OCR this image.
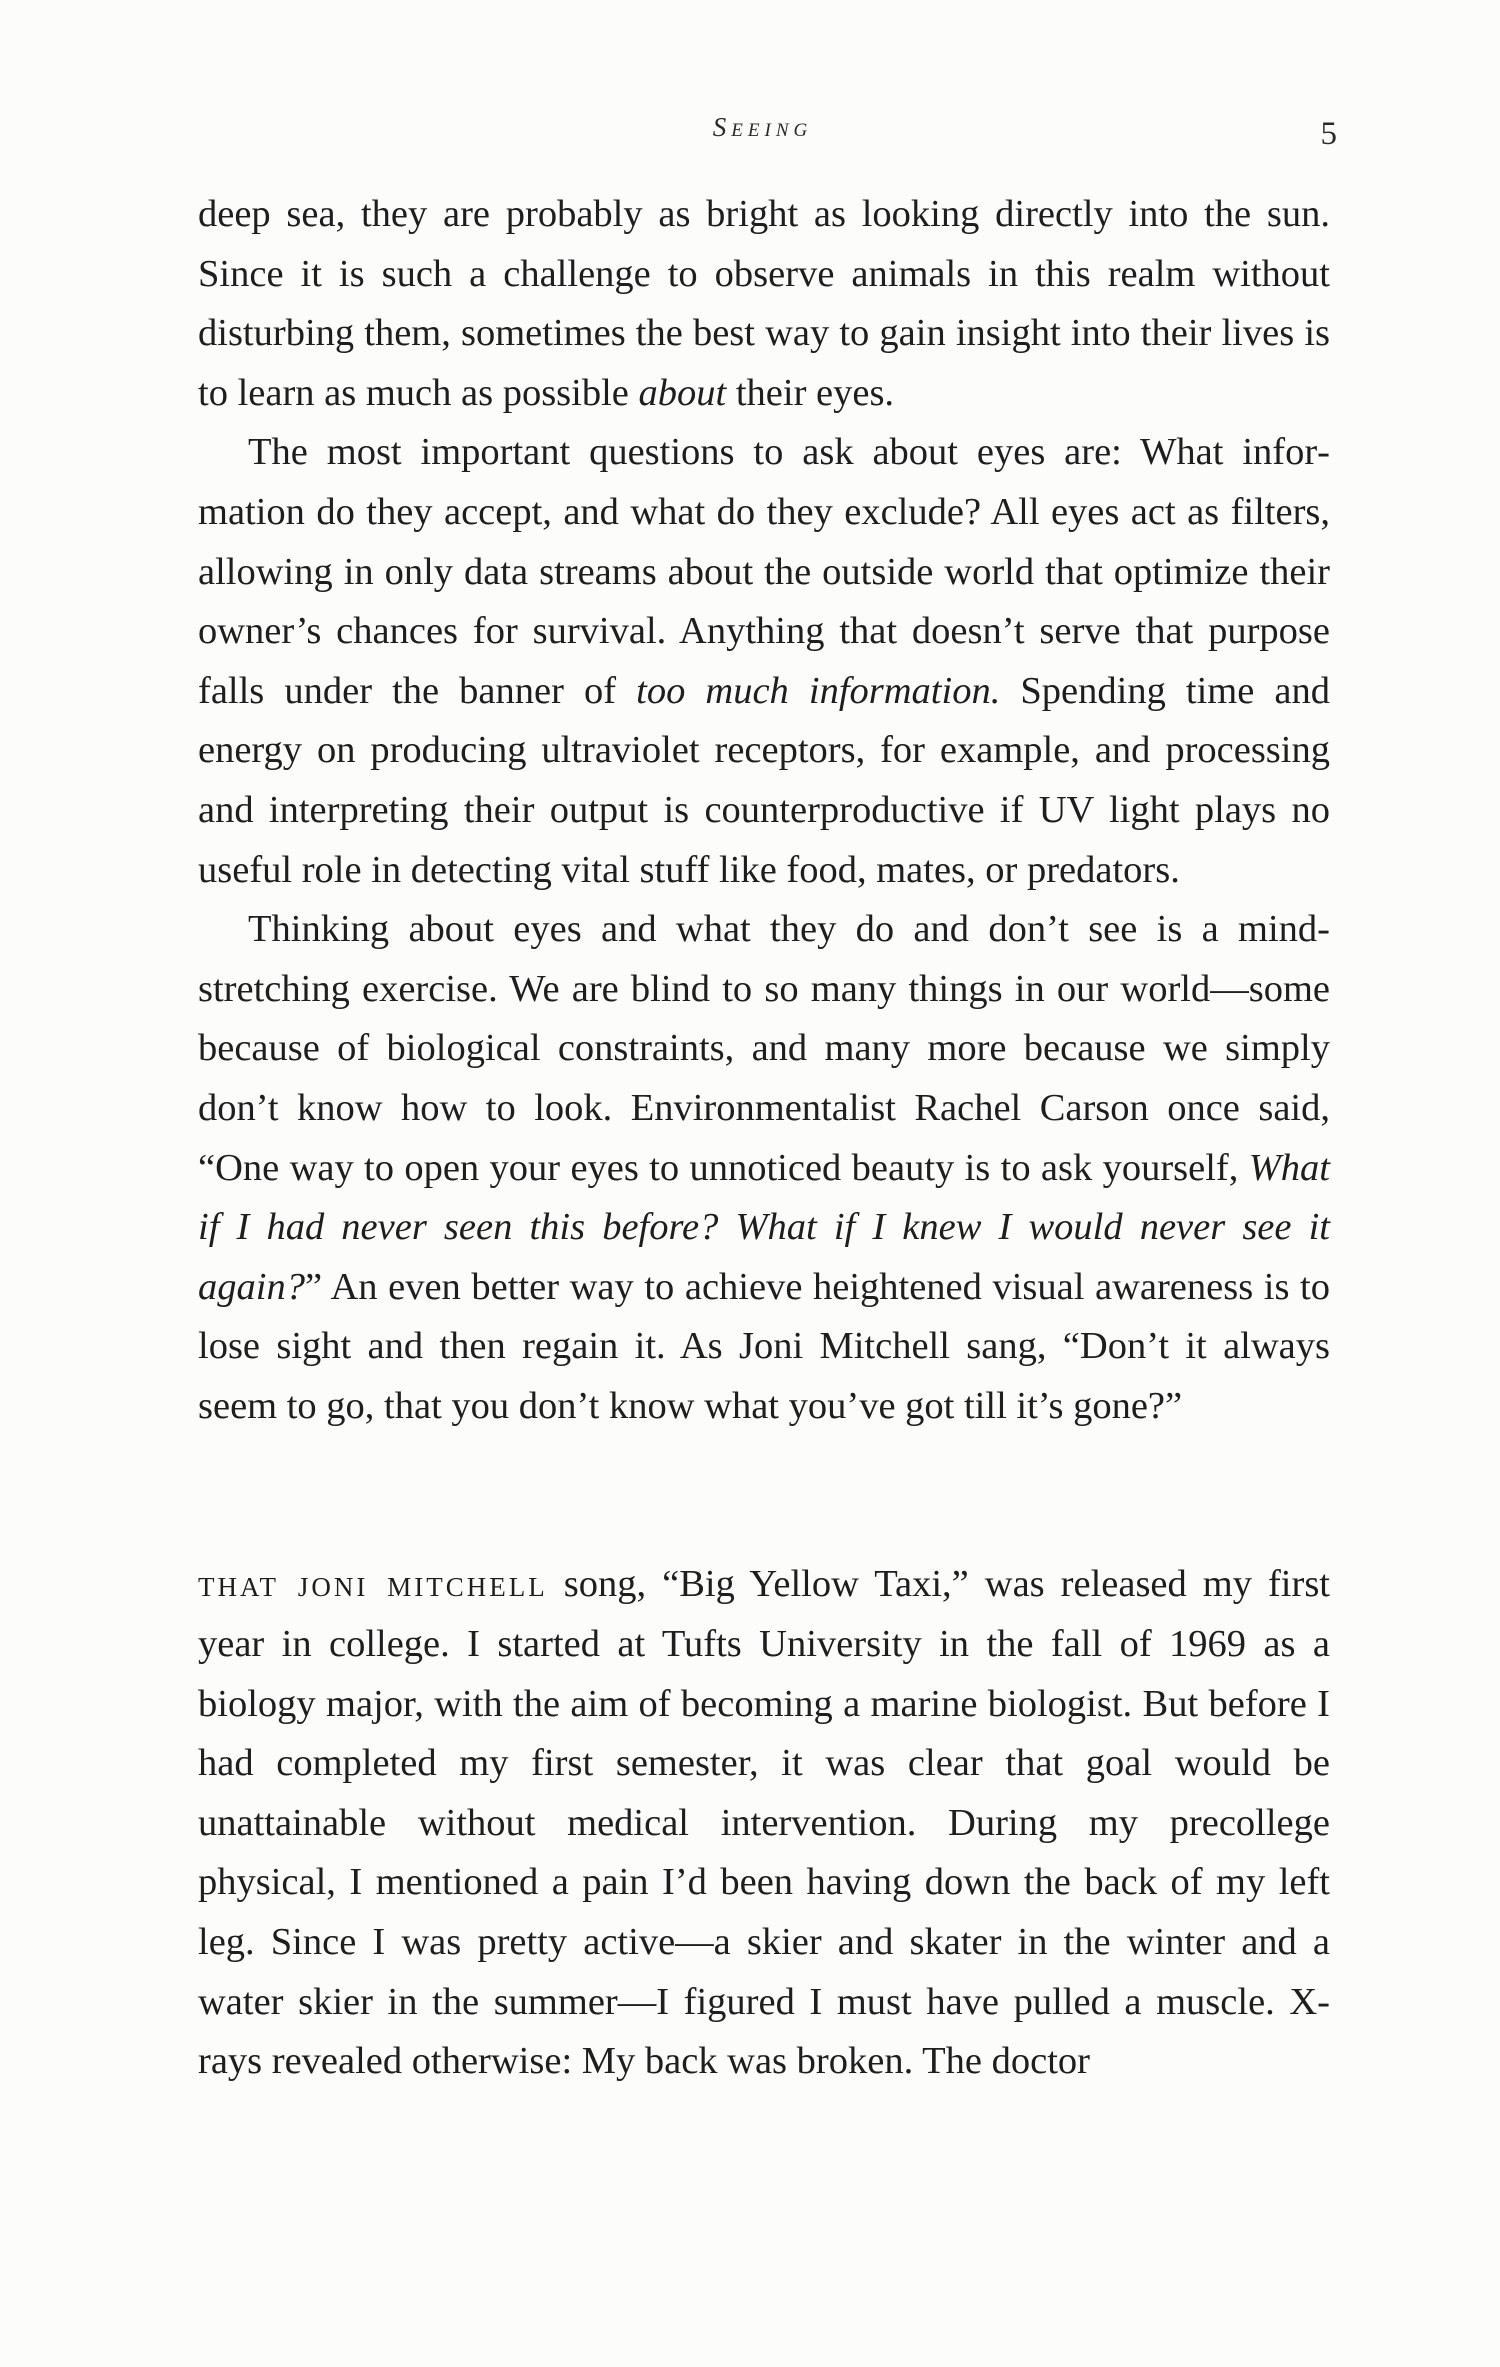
Seeing	5

deep sea, they are probably as bright as looking directly into the sun. Since it is such a challenge to observe animals in this realm without disturbing them, sometimes the best way to gain insight into their lives is to learn as much as possible about their eyes.

The most important questions to ask about eyes are: What information do they accept, and what do they exclude? All eyes act as filters, allowing in only data streams about the outside world that optimize their owner’s chances for survival. Anything that doesn’t serve that purpose falls under the banner of too much information. Spending time and energy on producing ultraviolet receptors, for example, and processing and interpreting their output is counterproductive if UV light plays no useful role in detecting vital stuff like food, mates, or predators.

Thinking about eyes and what they do and don’t see is a mind-stretching exercise. We are blind to so many things in our world—some because of biological constraints, and many more because we simply don’t know how to look. Environmentalist Rachel Carson once said, “One way to open your eyes to unnoticed beauty is to ask yourself, What if I had never seen this before? What if I knew I would never see it again?” An even better way to achieve heightened visual awareness is to lose sight and then regain it. As Joni Mitchell sang, “Don’t it always seem to go, that you don’t know what you’ve got till it’s gone?”

that joni mitchell song, “Big Yellow Taxi,” was released my first year in college. I started at Tufts University in the fall of 1969 as a biology major, with the aim of becoming a marine biologist. But before I had completed my first semester, it was clear that goal would be unattainable without medical intervention. During my precollege physical, I mentioned a pain I’d been having down the back of my left leg. Since I was pretty active—a skier and skater in the winter and a water skier in the summer—I figured I must have pulled a muscle. X-rays revealed otherwise: My back was broken. The doctor
